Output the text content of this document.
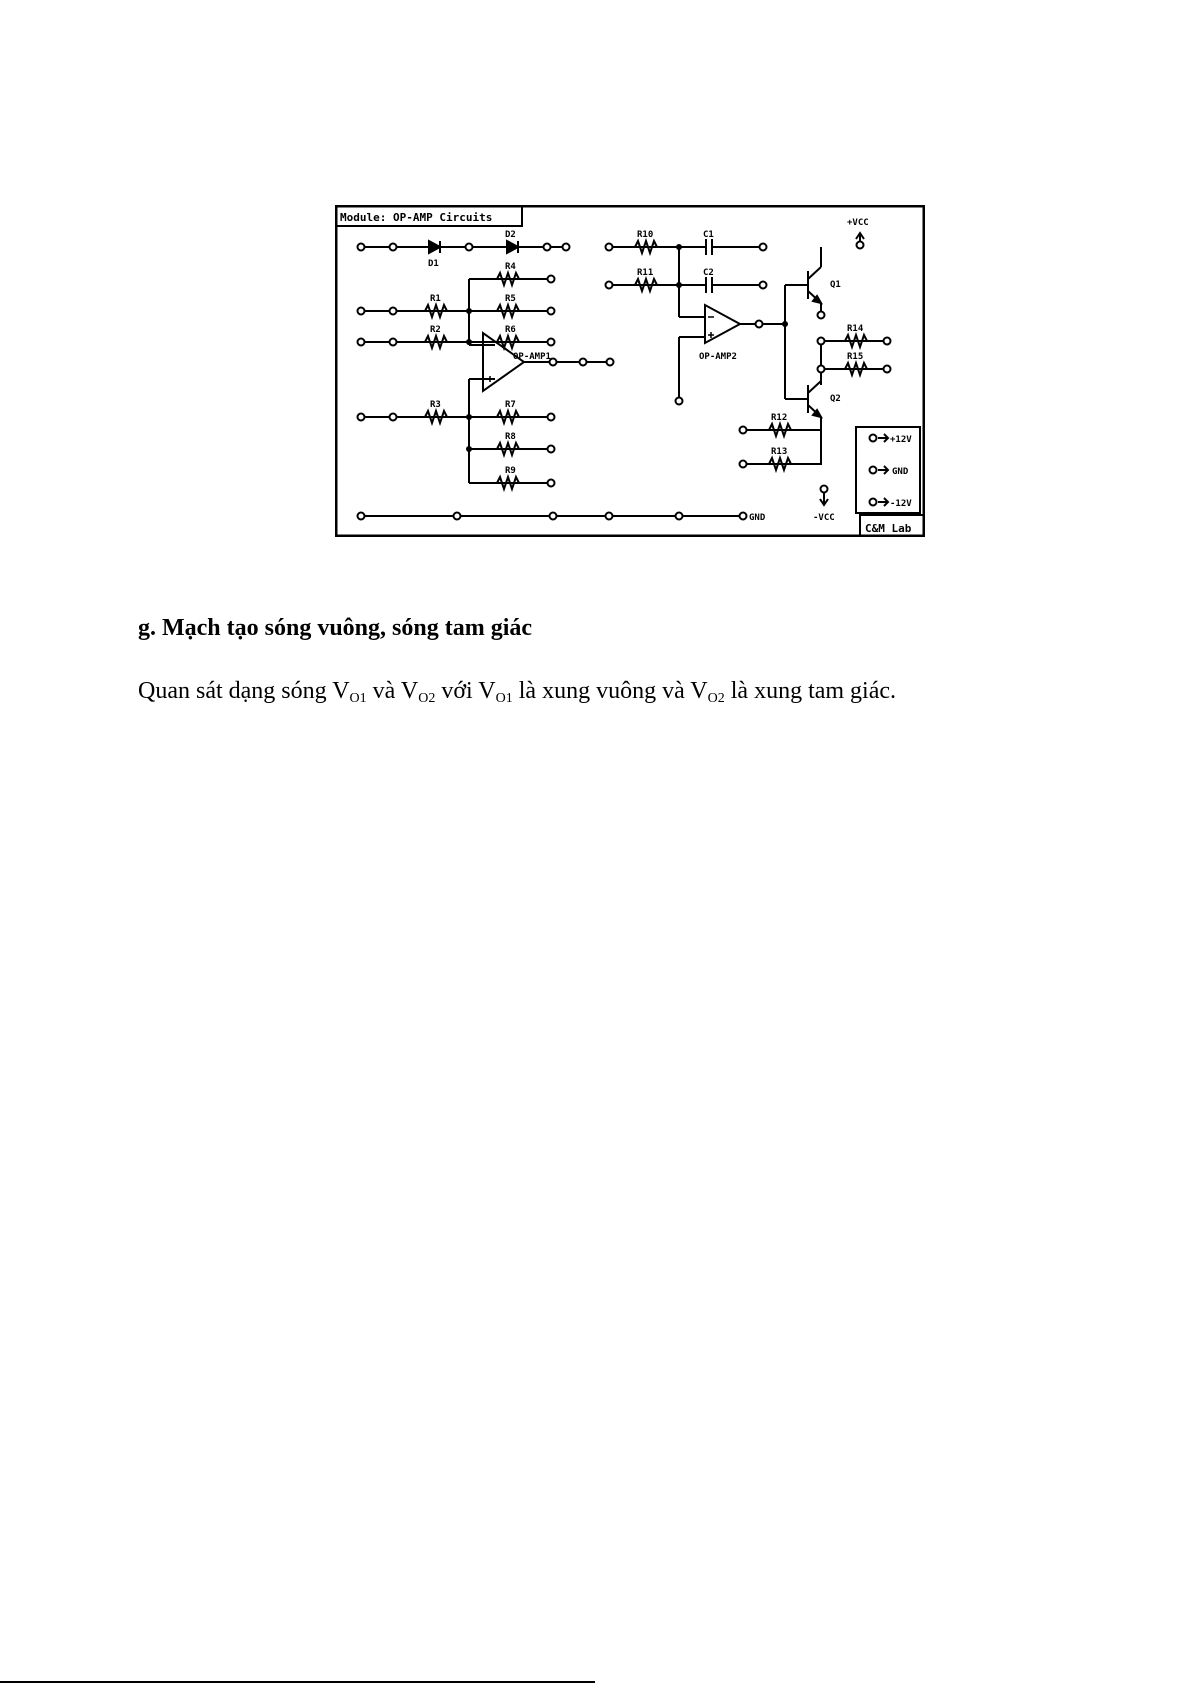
Module: OP-AMP Circuits
C&M Lab
GND
+VCC
-VCC
OP-AMP1	OP-AMP2
D1
D2
R1
R2
R3
R4
R5
R6
R7
R8
R9
R10
R11
R12
R13
R14
R15
C1
C2
Q1
Q2
+12V
GND
-12V
g. Mạch tạo sóng vuông, sóng tam giác
Quan sát dạng sóng $V_{O1}$ và $V_{O2}$ với $V_{O1}$ là xung vuông và $V_{O2}$ là xung tam giác.
